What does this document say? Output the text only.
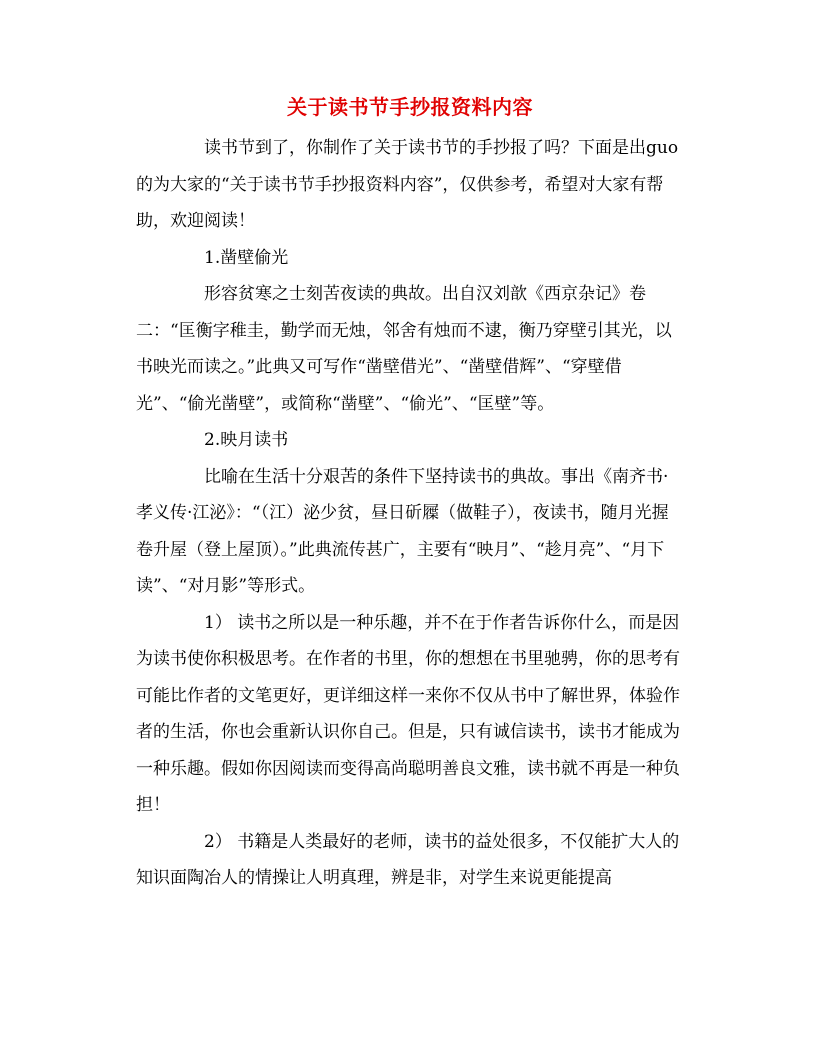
关于读书节手抄报资料内容

读书节到了，你制作了关于读书节的手抄报了吗？下面是出guo的为大家的“关于读书节手抄报资料内容”，仅供参考，希望对大家有帮助，欢迎阅读！

1.凿壁偷光

形容贫寒之士刻苦夜读的典故。出自汉刘歆《西京杂记》卷二：“匡衡字稚圭，勤学而无烛，邻舍有烛而不逮，衡乃穿壁引其光，以书映光而读之。”此典又可写作“凿壁借光”、“凿壁借辉”、“穿壁借光”、“偷光凿壁”，或简称“凿壁”、“偷光”、“匡壁”等。

2.映月读书

比喻在生活十分艰苦的条件下坚持读书的典故。事出《南齐书·孝义传·江泌》：“（江）泌少贫，昼日斫屧（做鞋子），夜读书，随月光握卷升屋（登上屋顶）。”此典流传甚广，主要有“映月”、“趁月亮”、“月下读”、“对月影”等形式。

1） 读书之所以是一种乐趣，并不在于作者告诉你什么，而是因为读书使你积极思考。在作者的书里，你的想想在书里驰骋，你的思考有可能比作者的文笔更好，更详细这样一来你不仅从书中了解世界，体验作者的生活，你也会重新认识你自己。但是，只有诚信读书，读书才能成为一种乐趣。假如你因阅读而变得高尚聪明善良文雅，读书就不再是一种负担！

2） 书籍是人类最好的老师，读书的益处很多，不仅能扩大人的知识面陶冶人的情操让人明真理，辨是非，对学生来说更能提高
